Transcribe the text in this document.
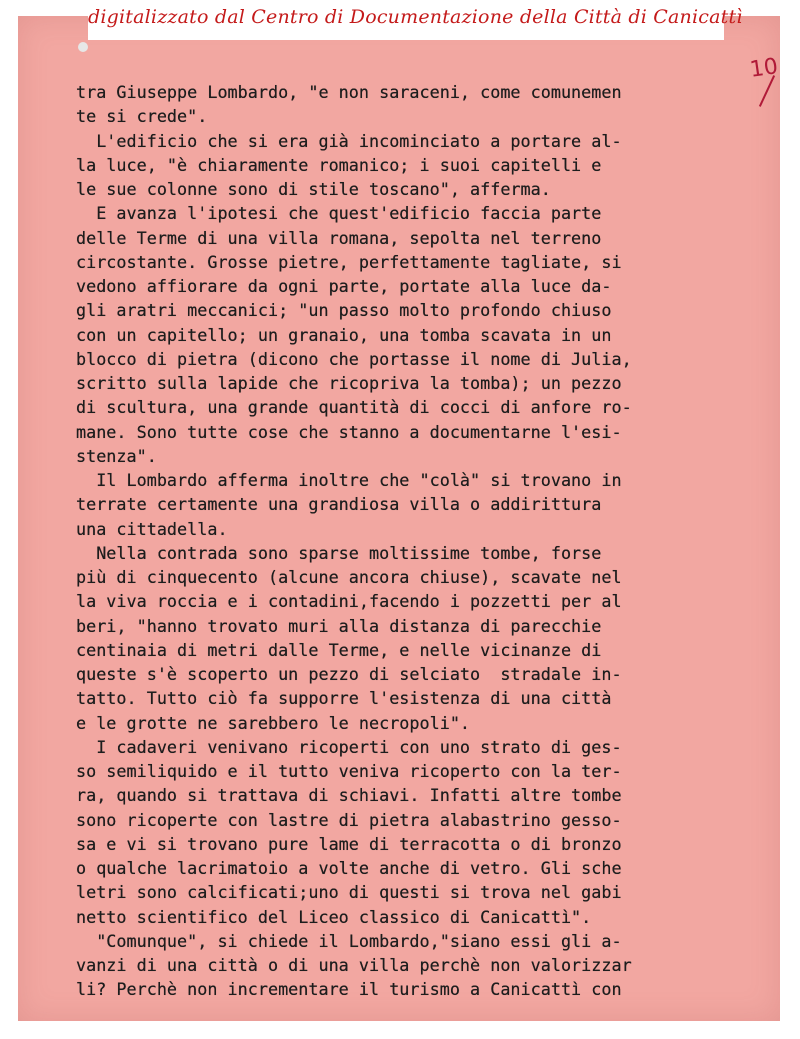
10
tra Giuseppe Lombardo, "e non saraceni, come comunemen
te si crede".
L'edificio che si era già incominciato a portare al-
la luce, "è chiaramente romanico; i suoi capitelli e
le sue colonne sono di stile toscano", afferma.
E avanza l'ipotesi che quest'edificio faccia parte
delle Terme di una villa romana, sepolta nel terreno
circostante. Grosse pietre, perfettamente tagliate, si
vedono affiorare da ogni parte, portate alla luce da-
gli aratri meccanici; "un passo molto profondo chiuso
con un capitello; un granaio, una tomba scavata in un
blocco di pietra (dicono che portasse il nome di Julia,
scritto sulla lapide che ricopriva la tomba); un pezzo
di scultura, una grande quantità di cocci di anfore ro-
mane. Sono tutte cose che stanno a documentarne l'esi-
stenza".
Il Lombardo afferma inoltre che "colà" si trovano in
terrate certamente una grandiosa villa o addirittura
una cittadella.
Nella contrada sono sparse moltissime tombe, forse
più di cinquecento (alcune ancora chiuse), scavate nel
la viva roccia e i contadini,facendo i pozzetti per al
beri, "hanno trovato muri alla distanza di parecchie
centinaia di metri dalle Terme, e nelle vicinanze di
queste s'è scoperto un pezzo di selciato  stradale in-
tatto. Tutto ciò fa supporre l'esistenza di una città
e le grotte ne sarebbero le necropoli".
I cadaveri venivano ricoperti con uno strato di ges-
so semiliquido e il tutto veniva ricoperto con la ter-
ra, quando si trattava di schiavi. Infatti altre tombe
sono ricoperte con lastre di pietra alabastrino gesso-
sa e vi si trovano pure lame di terracotta o di bronzo
o qualche lacrimatoio a volte anche di vetro. Gli sche
letri sono calcificati;uno di questi si trova nel gabi
netto scientifico del Liceo classico di Canicattì".
"Comunque", si chiede il Lombardo,"siano essi gli a-
vanzi di una città o di una villa perchè non valorizzar
li? Perchè non incrementare il turismo a Canicattì con

digitalizzato dal Centro di Documentazione della Città di Canicattì
